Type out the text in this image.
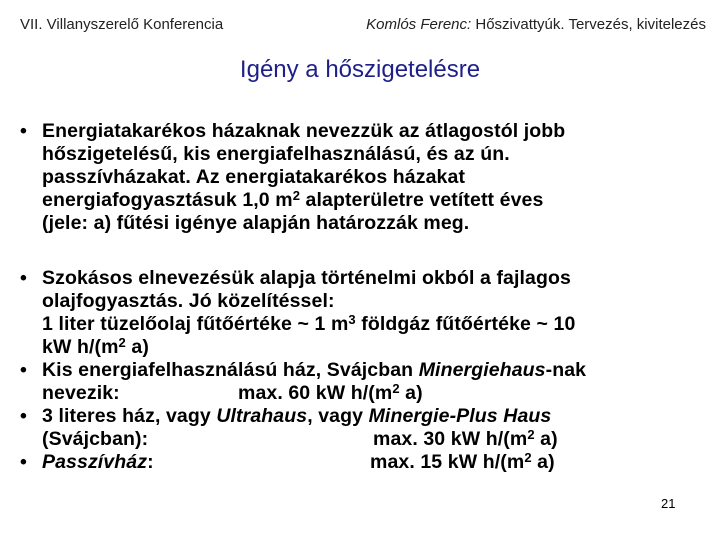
VII. Villanyszerelő Konferencia	Komlós Ferenc: Hőszivattyúk. Tervezés, kivitelezés
Igény a hőszigetelésre
• Energiatakarékos házaknak nevezzük az átlagostól jobb
hőszigetelésű, kis energiafelhasználású, és az ún.
passzívházakat. Az energiatakarékos házakat
energiafogyasztásuk 1,0 $m^2$ alapterületre vetített éves
(jele: a) fűtési igénye alapján határozzák meg.
• Szokásos elnevezésük alapja történelmi okból a fajlagos
olajfogyasztás. Jó közelítéssel:
1 liter tüzelőolaj fűtőértéke ~ 1 $m^3$ földgáz fűtőértéke ~ 10
kW $h/(m^2$ a)
• Kis energiafelhasználású ház, Svájcban Minergiehaus-nak
nevezik:	max. 60 kW $h/(m^2$ a)
• 3 literes ház, vagy Ultrahaus, vagy Minergie-Plus Haus
(Svájcban):	max. 30 kW $h/(m^2$ a)
• Passzívház:	max. 15 kW $h/(m^2$ a)
21
